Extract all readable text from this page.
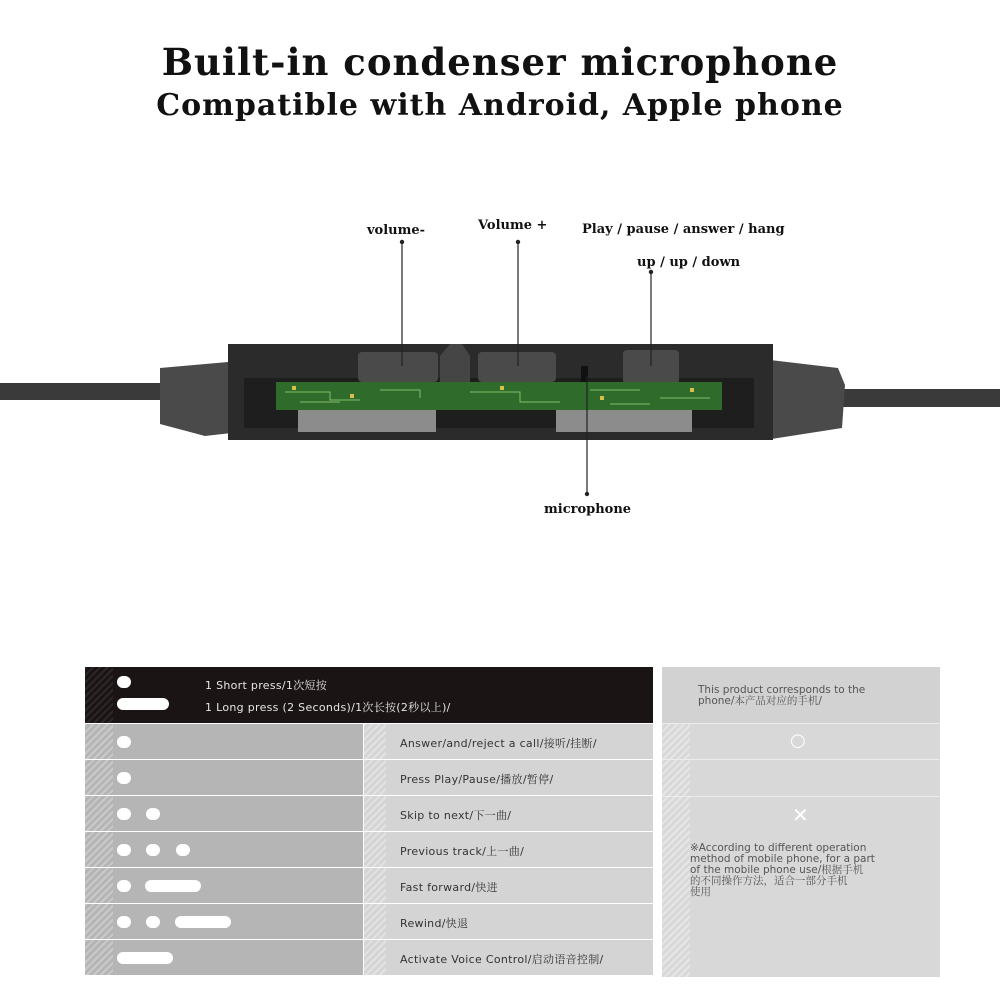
Built-in condenser microphone
Compatible with Android, Apple phone
volume-	Volume +	Play / pause / answer / hang
up / up / down
microphone
1 Short press/1次短按
1 Long press (2 Seconds)/1次长按(2秒以上)/
Answer/and/reject a call/接听/挂断/
Press Play/Pause/播放/暂停/
Skip to next/下一曲/
Previous track/上一曲/
Fast forward/快进
Rewind/快退
Activate Voice Control/启动语音控制/
This product corresponds to the
phone/本产品对应的手机/
○
✕
※According to different operation
method of mobile phone, for a part
of the mobile phone use/根据手机
的不同操作方法，适合一部分手机
使用
